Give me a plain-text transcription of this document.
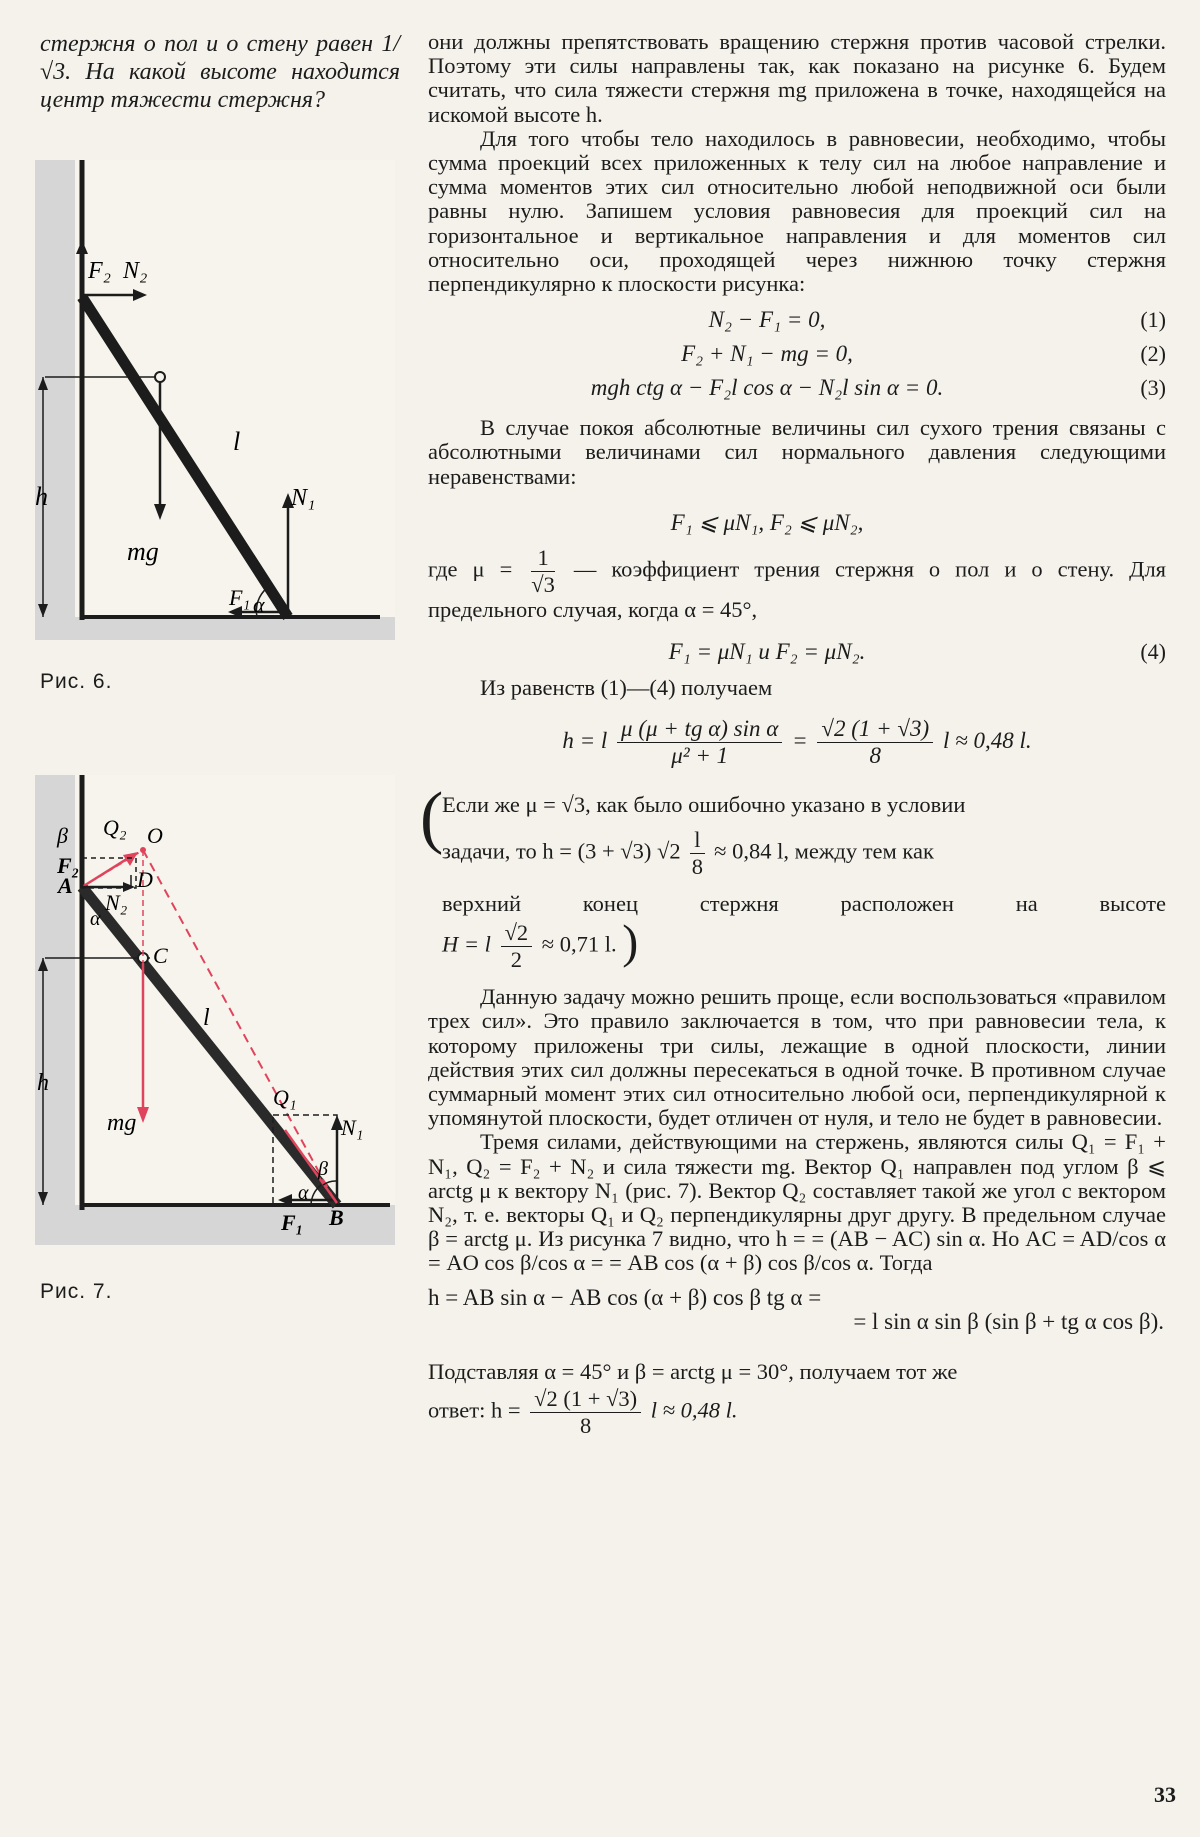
стержня о пол и о стену равен 1/√3. На какой высоте находится центр тяжести стержня?

F₂ N₂
l
h
mg
N₁
F₁ α
Рис. 6.
β Q₂ O
F₂
A	D
N₂
α
C
l
h
mg
Q₁
N₁
β
α
F₁ B
Рис. 7.

они должны препятствовать вращению стержня против часовой стрелки. Поэтому эти силы направлены так, как показано на рисунке 6. Будем считать, что сила тяжести стержня mg приложена в точке, находящейся на искомой высоте h.

Для того чтобы тело находилось в равновесии, необходимо, чтобы сумма проекций всех приложенных к телу сил на любое направление и сумма моментов этих сил относительно любой неподвижной оси были равны нулю. Запишем условия равновесия для проекций сил на горизонтальное и вертикальное направления и для моментов сил относительно оси, проходящей через нижнюю точку стержня перпендикулярно к плоскости рисунка:

N₂ − F₁ = 0,	(1)
F₂ + N₁ − mg = 0,	(2)
mgh ctg α − F₂l cos α − N₂l sin α = 0.	(3)

В случае покоя абсолютные величины сил сухого трения связаны с абсолютными величинами сил нормального давления следующими неравенствами:

F₁ ⩽ μN₁, F₂ ⩽ μN₂,

где $\mu = \frac{1}{√3}$ — коэффициент трения стержня о пол и о стену. Для предельного случая, когда α = 45°,

F₁ = μN₁ и F₂ = μN₂.	(4)

Из равенств (1)—(4) получаем

h = l $\frac{\text{μ (μ + tg α) sin α}}{\text{μ² + 1}} = \frac{√2 (1 + √3)}{8}$ l ≈ 0,48 l.
(

Если же μ = √3, как было ошибочно указано в условии

задачи, то h = (3 + √3) $√2 \frac{l}{8} \approx 0,84$ l, между тем как

верхний конец стержня расположен на высоте

H = l $\frac{√2}{2} \approx 0,71$ l. )

Данную задачу можно решить проще, если воспользоваться «правилом трех сил». Это правило заключается в том, что при равновесии тела, к которому приложены три силы, лежащие в одной плоскости, линии действия этих сил должны пересекаться в одной точке. В противном случае суммарный момент этих сил относительно любой оси, перпендикулярной к упомянутой плоскости, будет отличен от нуля, и тело не будет в равновесии.

Тремя силами, действующими на стержень, являются силы Q₁ = F₁ + N₁, Q₂ = F₂ + N₂ и сила тяжести mg. Вектор Q₁ направлен под углом β ⩽ arctg μ к вектору N₁ (рис. 7). Вектор Q₂ составляет такой же угол с вектором N₂, т. е. векторы Q₁ и Q₂ перпендикулярны друг другу. В предельном случае β = arctg μ. Из рисунка 7 видно, что h = = (AB − AC) sin α. Но AC = AD/cos α = AO cos β/cos α = = AB cos (α + β) cos β/cos α. Тогда

h = AB sin α − AB cos (α + β) cos β tg α =

= l sin α sin β (sin β + tg α cos β).

Подставляя α = 45° и β = arctg μ = 30°, получаем тот же

ответ: $h = \frac{√2 (1 + √3)}{8}$ l ≈ 0,48 l.

33
